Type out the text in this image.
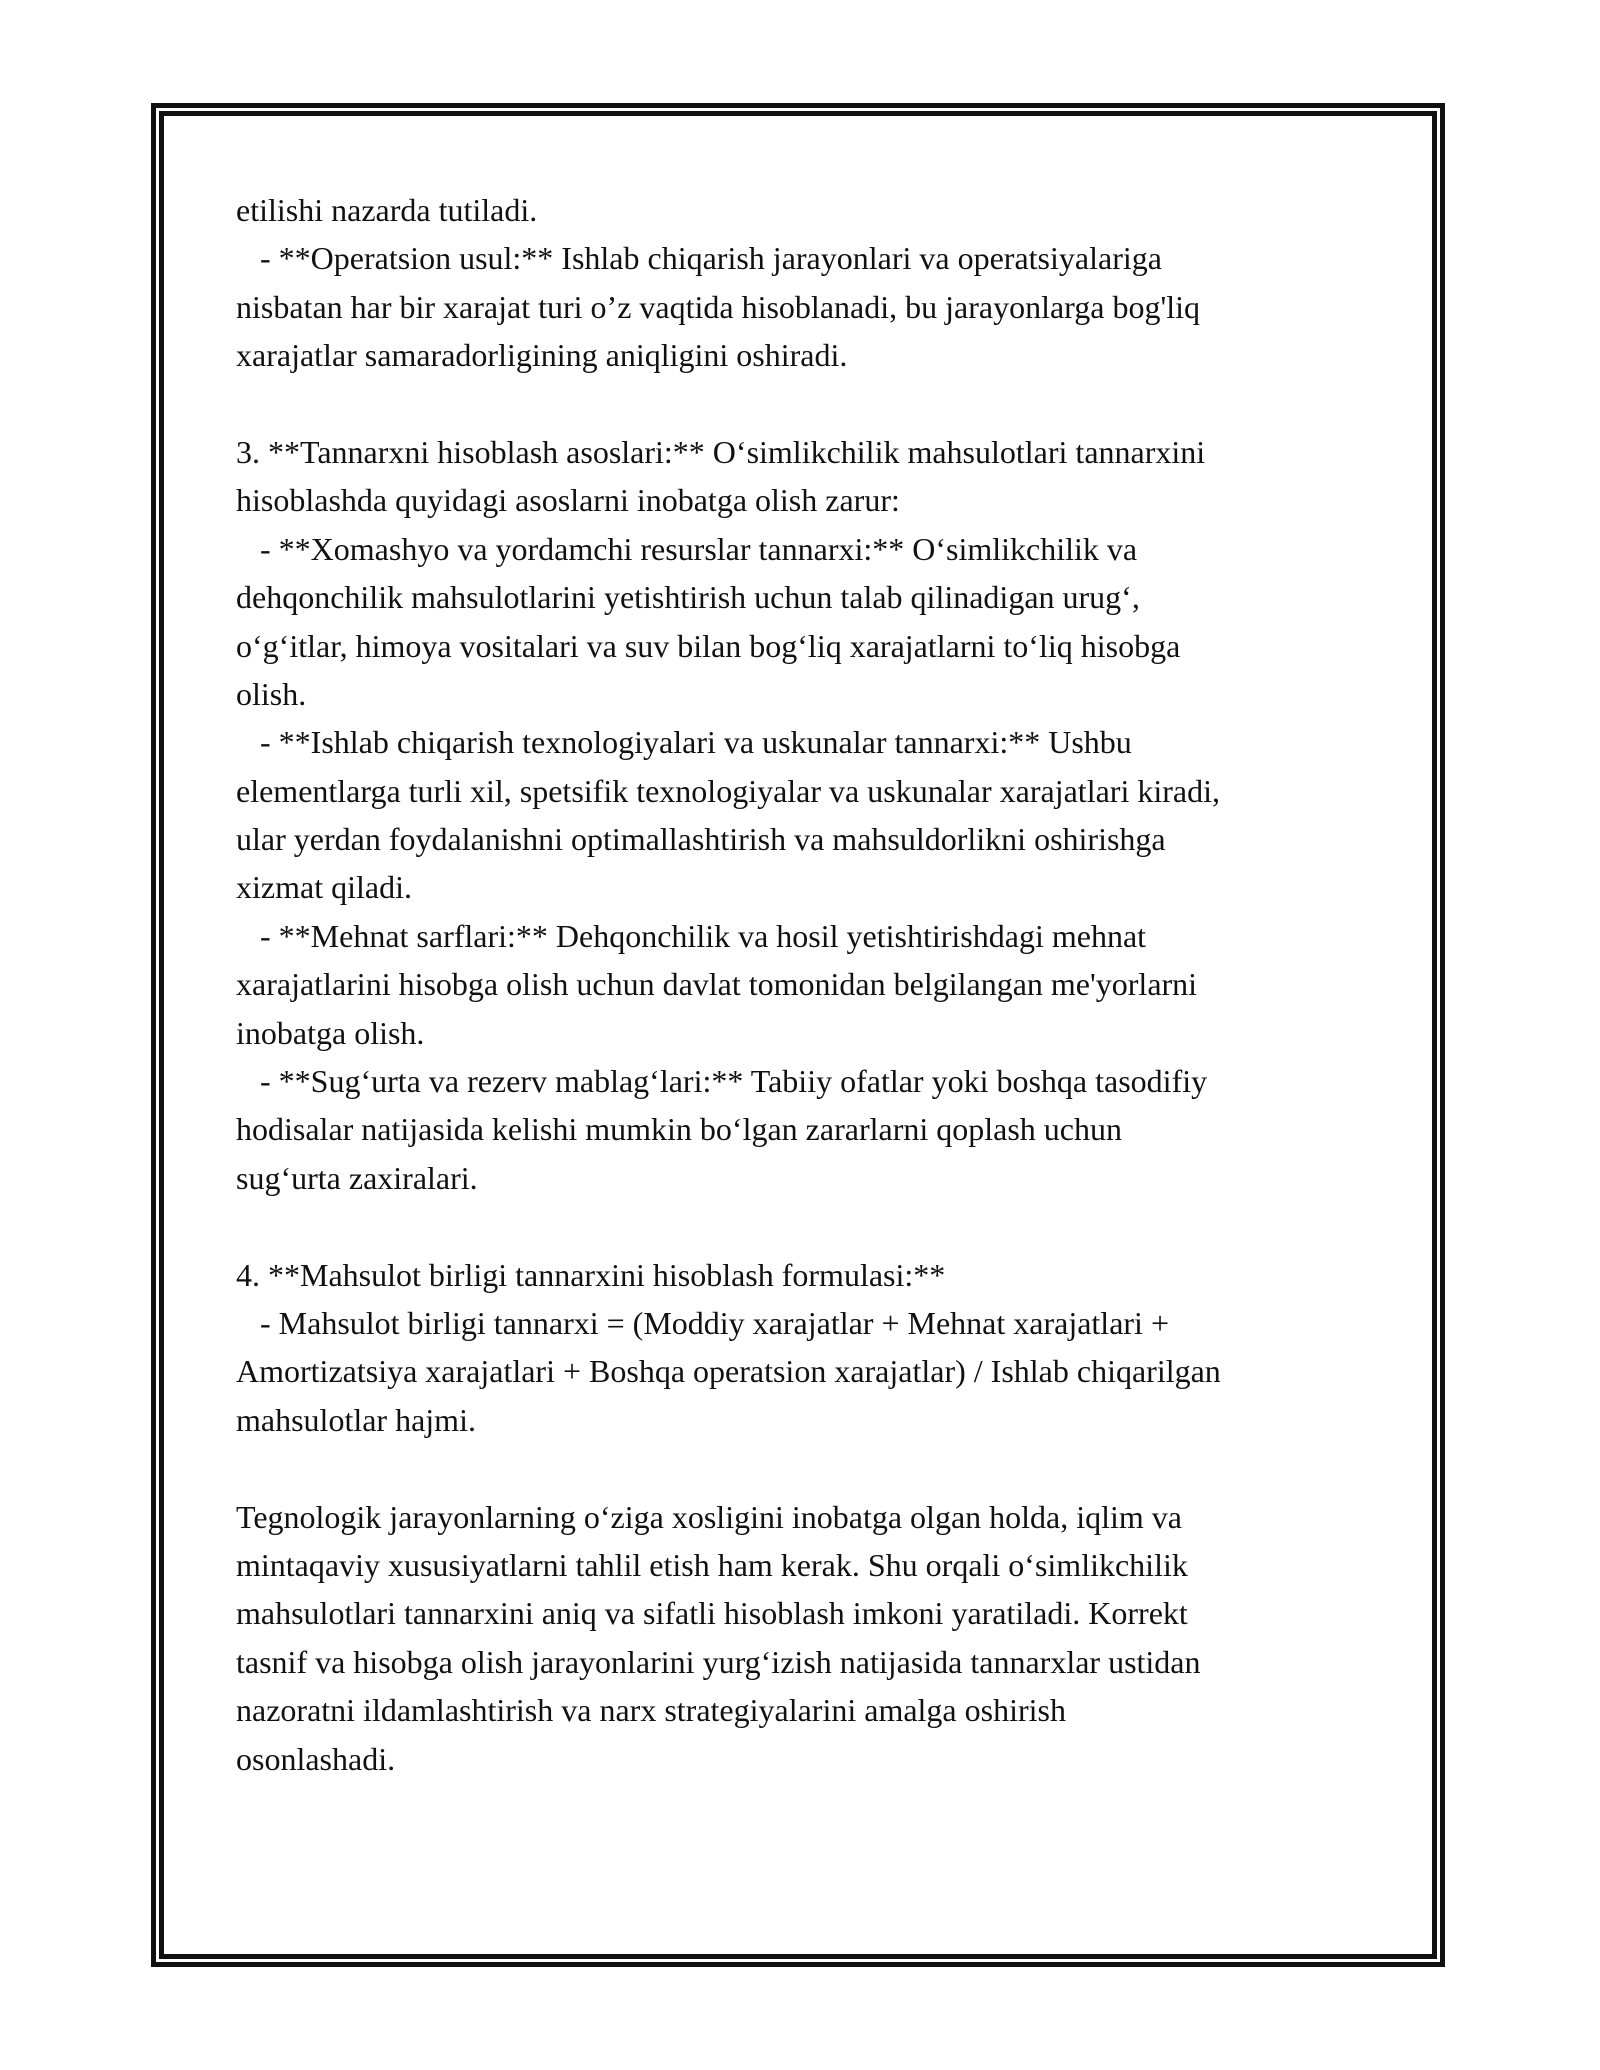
etilishi nazarda tutiladi.
- **Operatsion usul:** Ishlab chiqarish jarayonlari va operatsiyalariga
nisbatan har bir xarajat turi o’z vaqtida hisoblanadi, bu jarayonlarga bog'liq
xarajatlar samaradorligining aniqligini oshiradi.
3. **Tannarxni hisoblash asoslari:** O‘simlikchilik mahsulotlari tannarxini
hisoblashda quyidagi asoslarni inobatga olish zarur:
- **Xomashyo va yordamchi resurslar tannarxi:** O‘simlikchilik va
dehqonchilik mahsulotlarini yetishtirish uchun talab qilinadigan urug‘,
o‘g‘itlar, himoya vositalari va suv bilan bog‘liq xarajatlarni to‘liq hisobga
olish.
- **Ishlab chiqarish texnologiyalari va uskunalar tannarxi:** Ushbu
elementlarga turli xil, spetsifik texnologiyalar va uskunalar xarajatlari kiradi,
ular yerdan foydalanishni optimallashtirish va mahsuldorlikni oshirishga
xizmat qiladi.
- **Mehnat sarflari:** Dehqonchilik va hosil yetishtirishdagi mehnat
xarajatlarini hisobga olish uchun davlat tomonidan belgilangan me'yorlarni
inobatga olish.
- **Sug‘urta va rezerv mablag‘lari:** Tabiiy ofatlar yoki boshqa tasodifiy
hodisalar natijasida kelishi mumkin bo‘lgan zararlarni qoplash uchun
sug‘urta zaxiralari.
4. **Mahsulot birligi tannarxini hisoblash formulasi:**
- Mahsulot birligi tannarxi = (Moddiy xarajatlar + Mehnat xarajatlari +
Amortizatsiya xarajatlari + Boshqa operatsion xarajatlar) / Ishlab chiqarilgan
mahsulotlar hajmi.
Tegnologik jarayonlarning o‘ziga xosligini inobatga olgan holda, iqlim va
mintaqaviy xususiyatlarni tahlil etish ham kerak. Shu orqali o‘simlikchilik
mahsulotlari tannarxini aniq va sifatli hisoblash imkoni yaratiladi. Korrekt
tasnif va hisobga olish jarayonlarini yurg‘izish natijasida tannarxlar ustidan
nazoratni ildamlashtirish va narx strategiyalarini amalga oshirish
osonlashadi.
